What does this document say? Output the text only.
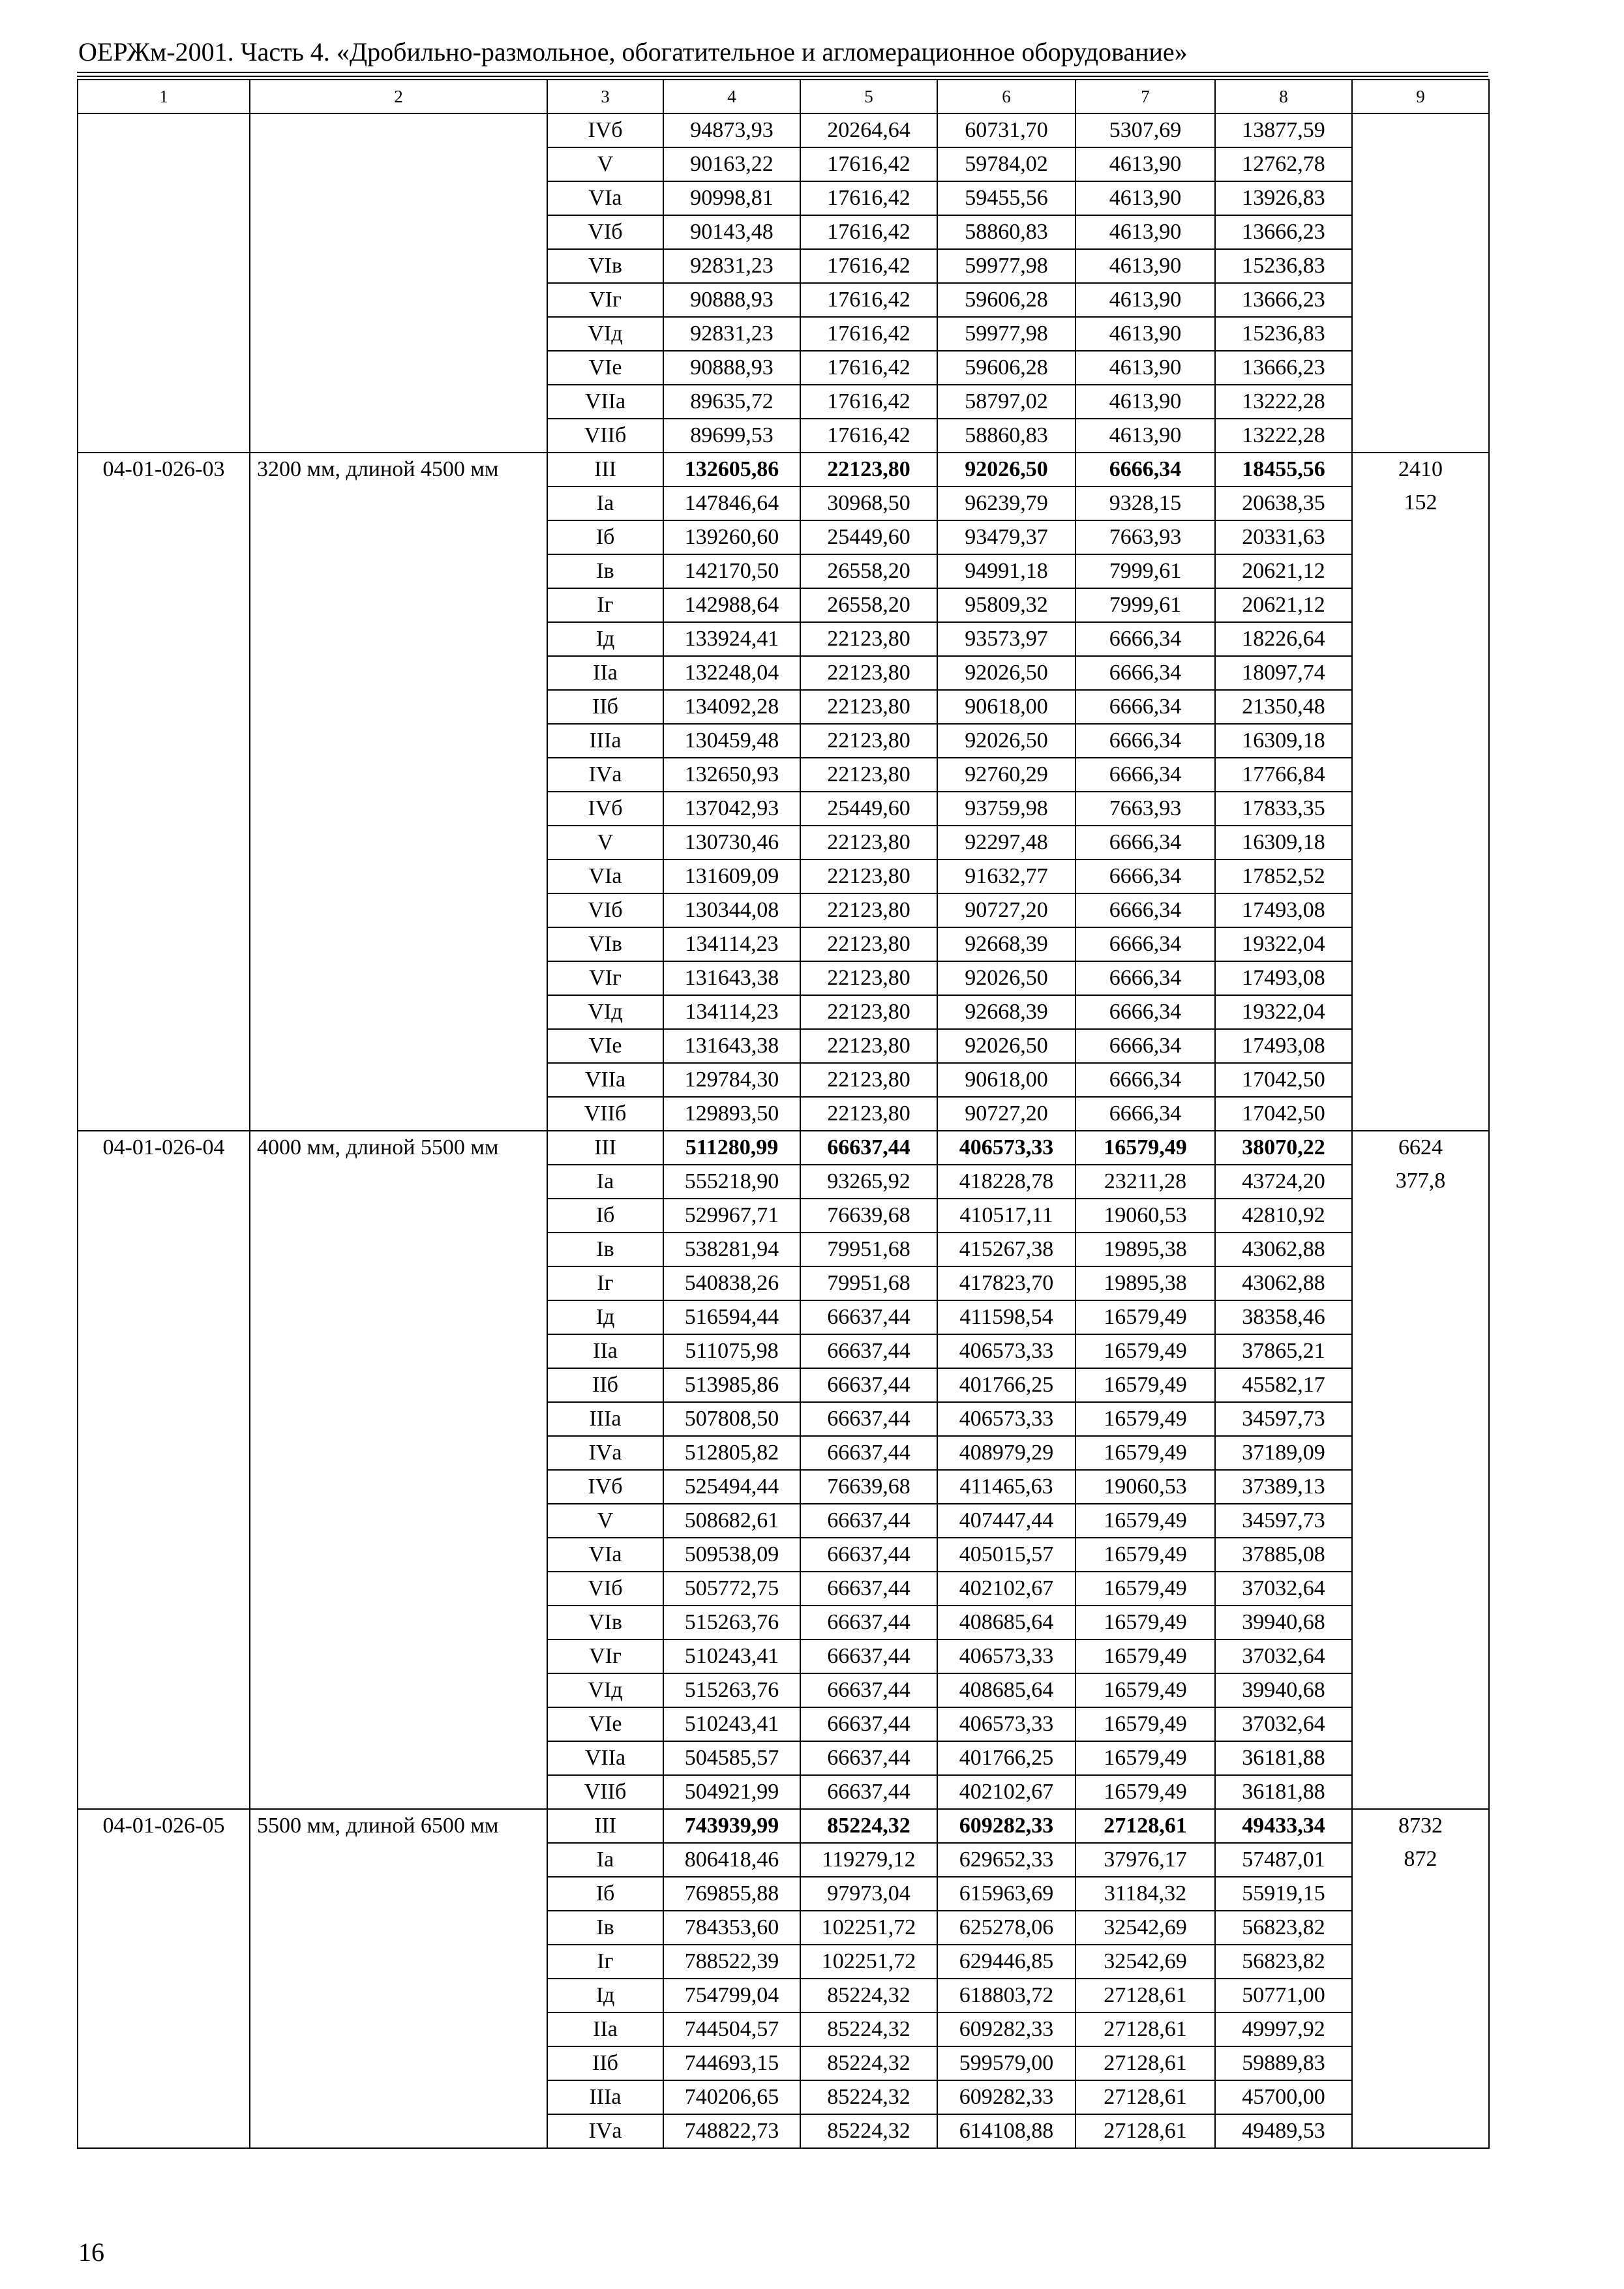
ОЕРЖм-2001. Часть 4. «Дробильно-размольное, обогатительное и агломерационное оборудование»
1	2	3	4	5	6	7	8	9
		IVб	94873,93	20264,64	60731,70	5307,69	13877,59	
		V	90163,22	17616,42	59784,02	4613,90	12762,78	
		VIа	90998,81	17616,42	59455,56	4613,90	13926,83	
		VIб	90143,48	17616,42	58860,83	4613,90	13666,23	
		VIв	92831,23	17616,42	59977,98	4613,90	15236,83	
		VIг	90888,93	17616,42	59606,28	4613,90	13666,23	
		VIд	92831,23	17616,42	59977,98	4613,90	15236,83	
		VIе	90888,93	17616,42	59606,28	4613,90	13666,23	
		VIIа	89635,72	17616,42	58797,02	4613,90	13222,28	
		VIIб	89699,53	17616,42	58860,83	4613,90	13222,28	
04-01-026-03	3200 мм, длиной 4500 мм	III	132605,86	22123,80	92026,50	6666,34	18455,56	2410
		Iа	147846,64	30968,50	96239,79	9328,15	20638,35	152
		Iб	139260,60	25449,60	93479,37	7663,93	20331,63	
		Iв	142170,50	26558,20	94991,18	7999,61	20621,12	
		Iг	142988,64	26558,20	95809,32	7999,61	20621,12	
		Iд	133924,41	22123,80	93573,97	6666,34	18226,64	
		IIа	132248,04	22123,80	92026,50	6666,34	18097,74	
		IIб	134092,28	22123,80	90618,00	6666,34	21350,48	
		IIIа	130459,48	22123,80	92026,50	6666,34	16309,18	
		IVа	132650,93	22123,80	92760,29	6666,34	17766,84	
		IVб	137042,93	25449,60	93759,98	7663,93	17833,35	
		V	130730,46	22123,80	92297,48	6666,34	16309,18	
		VIа	131609,09	22123,80	91632,77	6666,34	17852,52	
		VIб	130344,08	22123,80	90727,20	6666,34	17493,08	
		VIв	134114,23	22123,80	92668,39	6666,34	19322,04	
		VIг	131643,38	22123,80	92026,50	6666,34	17493,08	
		VIд	134114,23	22123,80	92668,39	6666,34	19322,04	
		VIе	131643,38	22123,80	92026,50	6666,34	17493,08	
		VIIа	129784,30	22123,80	90618,00	6666,34	17042,50	
		VIIб	129893,50	22123,80	90727,20	6666,34	17042,50	
04-01-026-04	4000 мм, длиной 5500 мм	III	511280,99	66637,44	406573,33	16579,49	38070,22	6624
		Iа	555218,90	93265,92	418228,78	23211,28	43724,20	377,8
		Iб	529967,71	76639,68	410517,11	19060,53	42810,92	
		Iв	538281,94	79951,68	415267,38	19895,38	43062,88	
		Iг	540838,26	79951,68	417823,70	19895,38	43062,88	
		Iд	516594,44	66637,44	411598,54	16579,49	38358,46	
		IIа	511075,98	66637,44	406573,33	16579,49	37865,21	
		IIб	513985,86	66637,44	401766,25	16579,49	45582,17	
		IIIа	507808,50	66637,44	406573,33	16579,49	34597,73	
		IVа	512805,82	66637,44	408979,29	16579,49	37189,09	
		IVб	525494,44	76639,68	411465,63	19060,53	37389,13	
		V	508682,61	66637,44	407447,44	16579,49	34597,73	
		VIа	509538,09	66637,44	405015,57	16579,49	37885,08	
		VIб	505772,75	66637,44	402102,67	16579,49	37032,64	
		VIв	515263,76	66637,44	408685,64	16579,49	39940,68	
		VIг	510243,41	66637,44	406573,33	16579,49	37032,64	
		VIд	515263,76	66637,44	408685,64	16579,49	39940,68	
		VIе	510243,41	66637,44	406573,33	16579,49	37032,64	
		VIIа	504585,57	66637,44	401766,25	16579,49	36181,88	
		VIIб	504921,99	66637,44	402102,67	16579,49	36181,88	
04-01-026-05	5500 мм, длиной 6500 мм	III	743939,99	85224,32	609282,33	27128,61	49433,34	8732
		Iа	806418,46	119279,12	629652,33	37976,17	57487,01	872
		Iб	769855,88	97973,04	615963,69	31184,32	55919,15	
		Iв	784353,60	102251,72	625278,06	32542,69	56823,82	
		Iг	788522,39	102251,72	629446,85	32542,69	56823,82	
		Iд	754799,04	85224,32	618803,72	27128,61	50771,00	
		IIа	744504,57	85224,32	609282,33	27128,61	49997,92	
		IIб	744693,15	85224,32	599579,00	27128,61	59889,83	
		IIIа	740206,65	85224,32	609282,33	27128,61	45700,00	
		IVа	748822,73	85224,32	614108,88	27128,61	49489,53	
16
